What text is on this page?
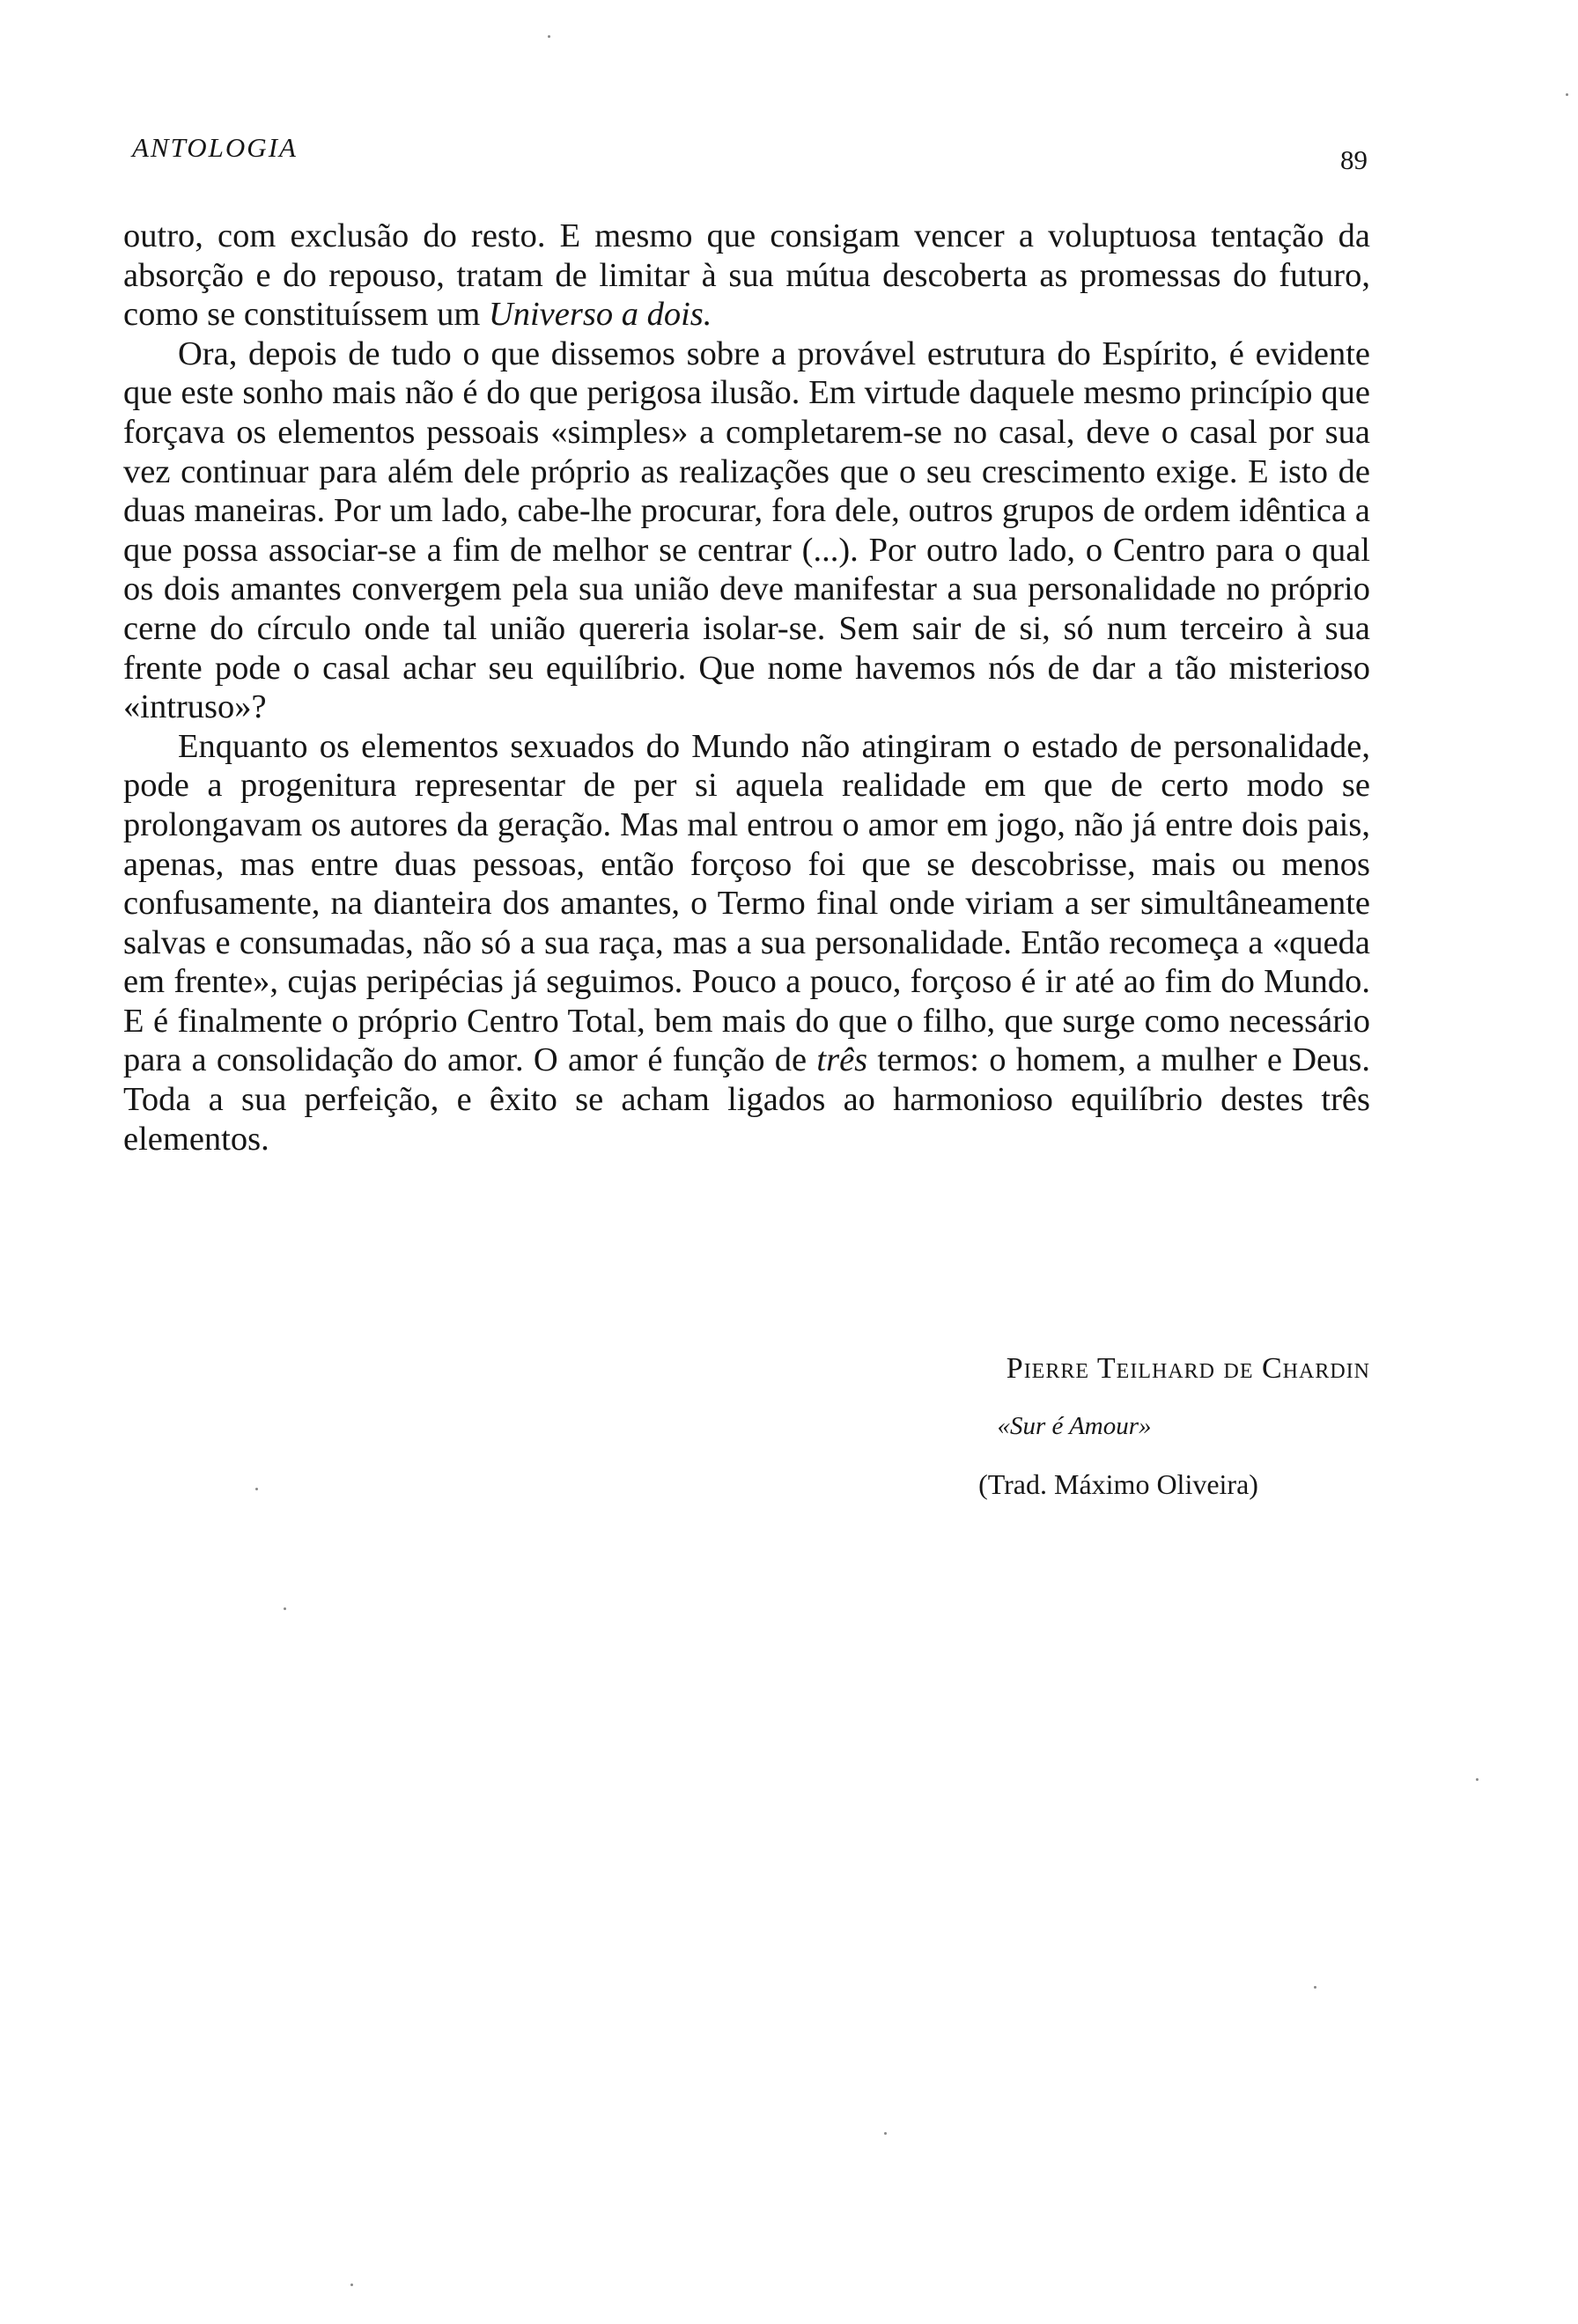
ANTOLOGIA	89

outro, com exclusão do resto. E mesmo que consigam vencer a voluptuosa tentação da absorção e do repouso, tratam de limitar à sua mútua descoberta as promessas do futuro, como se constituíssem um Universo a dois.

Ora, depois de tudo o que dissemos sobre a provável estrutura do Espírito, é evidente que este sonho mais não é do que perigosa ilusão. Em virtude daquele mesmo princípio que forçava os elementos pessoais «simples» a completarem-se no casal, deve o casal por sua vez continuar para além dele próprio as realizações que o seu crescimento exige. E isto de duas maneiras. Por um lado, cabe-lhe procurar, fora dele, outros grupos de ordem idêntica a que possa associar-se a fim de melhor se centrar (...). Por outro lado, o Centro para o qual os dois amantes convergem pela sua união deve manifestar a sua personalidade no próprio cerne do círculo onde tal união quereria isolar-se. Sem sair de si, só num terceiro à sua frente pode o casal achar seu equilíbrio. Que nome havemos nós de dar a tão misterioso «intruso»?

Enquanto os elementos sexuados do Mundo não atingiram o estado de personalidade, pode a progenitura representar de per si aquela realidade em que de certo modo se prolongavam os autores da geração. Mas mal entrou o amor em jogo, não já entre dois pais, apenas, mas entre duas pessoas, então forçoso foi que se descobrisse, mais ou menos confusamente, na dianteira dos amantes, o Termo final onde viriam a ser simultâneamente salvas e consumadas, não só a sua raça, mas a sua personalidade. Então recomeça a «queda em frente», cujas peripécias já seguimos. Pouco a pouco, forçoso é ir até ao fim do Mundo. E é finalmente o próprio Centro Total, bem mais do que o filho, que surge como necessário para a consolidação do amor. O amor é função de três termos: o homem, a mulher e Deus. Toda a sua perfeição, e êxito se acham ligados ao harmonioso equilíbrio destes três elementos.

Pierre Teilhard de Chardin
«Sur é Amour»
(Trad. Máximo Oliveira)
